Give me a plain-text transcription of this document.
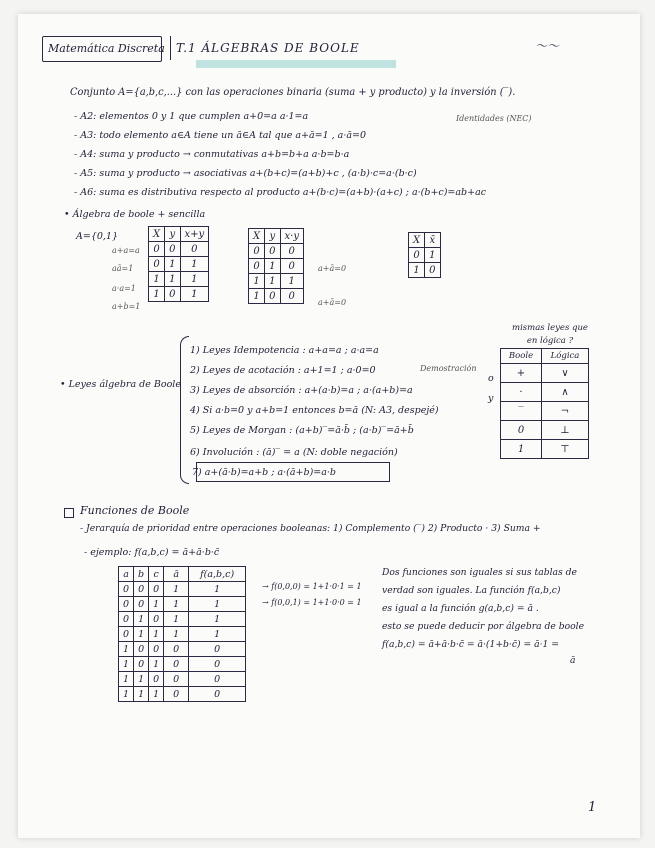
Matemática Discreta T.1 ÁLGEBRAS DE BOOLE	〜〜
Conjunto A={a,b,c,...} con las operaciones binaria (suma + y producto) y la inversión (‾).
Identidades (NEC)
- A2: elementos 0 y 1 que cumplen a+0=a a·1=a
- A3: todo elemento a∈A tiene un ā∈A tal que a+ā=1 , a·ā=0
- A4: suma y producto → conmutativas a+b=b+a a·b=b·a
- A5: suma y producto → asociativas a+(b+c)=(a+b)+c , (a·b)·c=a·(b·c)
- A6: suma es distributiva respecto al producto a+(b·c)=(a+b)·(a+c) ; a·(b+c)=ab+ac
• Álgebra de boole + sencilla
A={0,1}
a+a=a
aā=1
a·a=1
a+b=1
X	y	x+y
0	0	0
0	1	1
1	1	1
1	0	1
X	y	x·y
0	0	0
0	1	0
1	1	1
1	0	0
a+ā=0
a+ā=0
X	x̄
0	1
1	0
• Leyes álgebra de Boole
1) Leyes Idempotencia : a+a=a ; a·a=a
2) Leyes de acotación : a+1=1 ; a·0=0	Demostración
3) Leyes de absorción : a+(a·b)=a ; a·(a+b)=a
4) Si a·b=0 y a+b=1 entonces b=ā (N: A3, despejé)
5) Leyes de Morgan : (a+b)‾=ā·b̄ ; (a·b)‾=ā+b̄
6) Involución : (ā)‾ = a (N: doble negación)
7) a+(ā·b)=a+b ; a·(ā+b)=a·b
mismas leyes que en lógica ?
o
y
Boole	Lógica
+	∨
·	∧
‾	¬
0	⊥
1	⊤
Funciones de Boole
- Jerarquía de prioridad entre operaciones booleanas: 1) Complemento (‾) 2) Producto · 3) Suma +
- ejemplo: f(a,b,c) = ā+ā·b·c̄
a	b	c	ā	f(a,b,c)
0	0	0	1	1
0	0	1	1	1
0	1	0	1	1
0	1	1	1	1
1	0	0	0	0
1	0	1	0	0
1	1	0	0	0
1	1	1	0	0
→ f(0,0,0) = 1+1·0·1 = 1
→ f(0,0,1) = 1+1·0·0 = 1
Dos funciones son iguales si sus tablas de
verdad son iguales. La función f(a,b,c)
es igual a la función g(a,b,c) = ā .
esto se puede deducir por álgebra de boole
f(a,b,c) = ā+ā·b·c̄ = ā·(1+b·c̄) = ā·1 =
ā
1
